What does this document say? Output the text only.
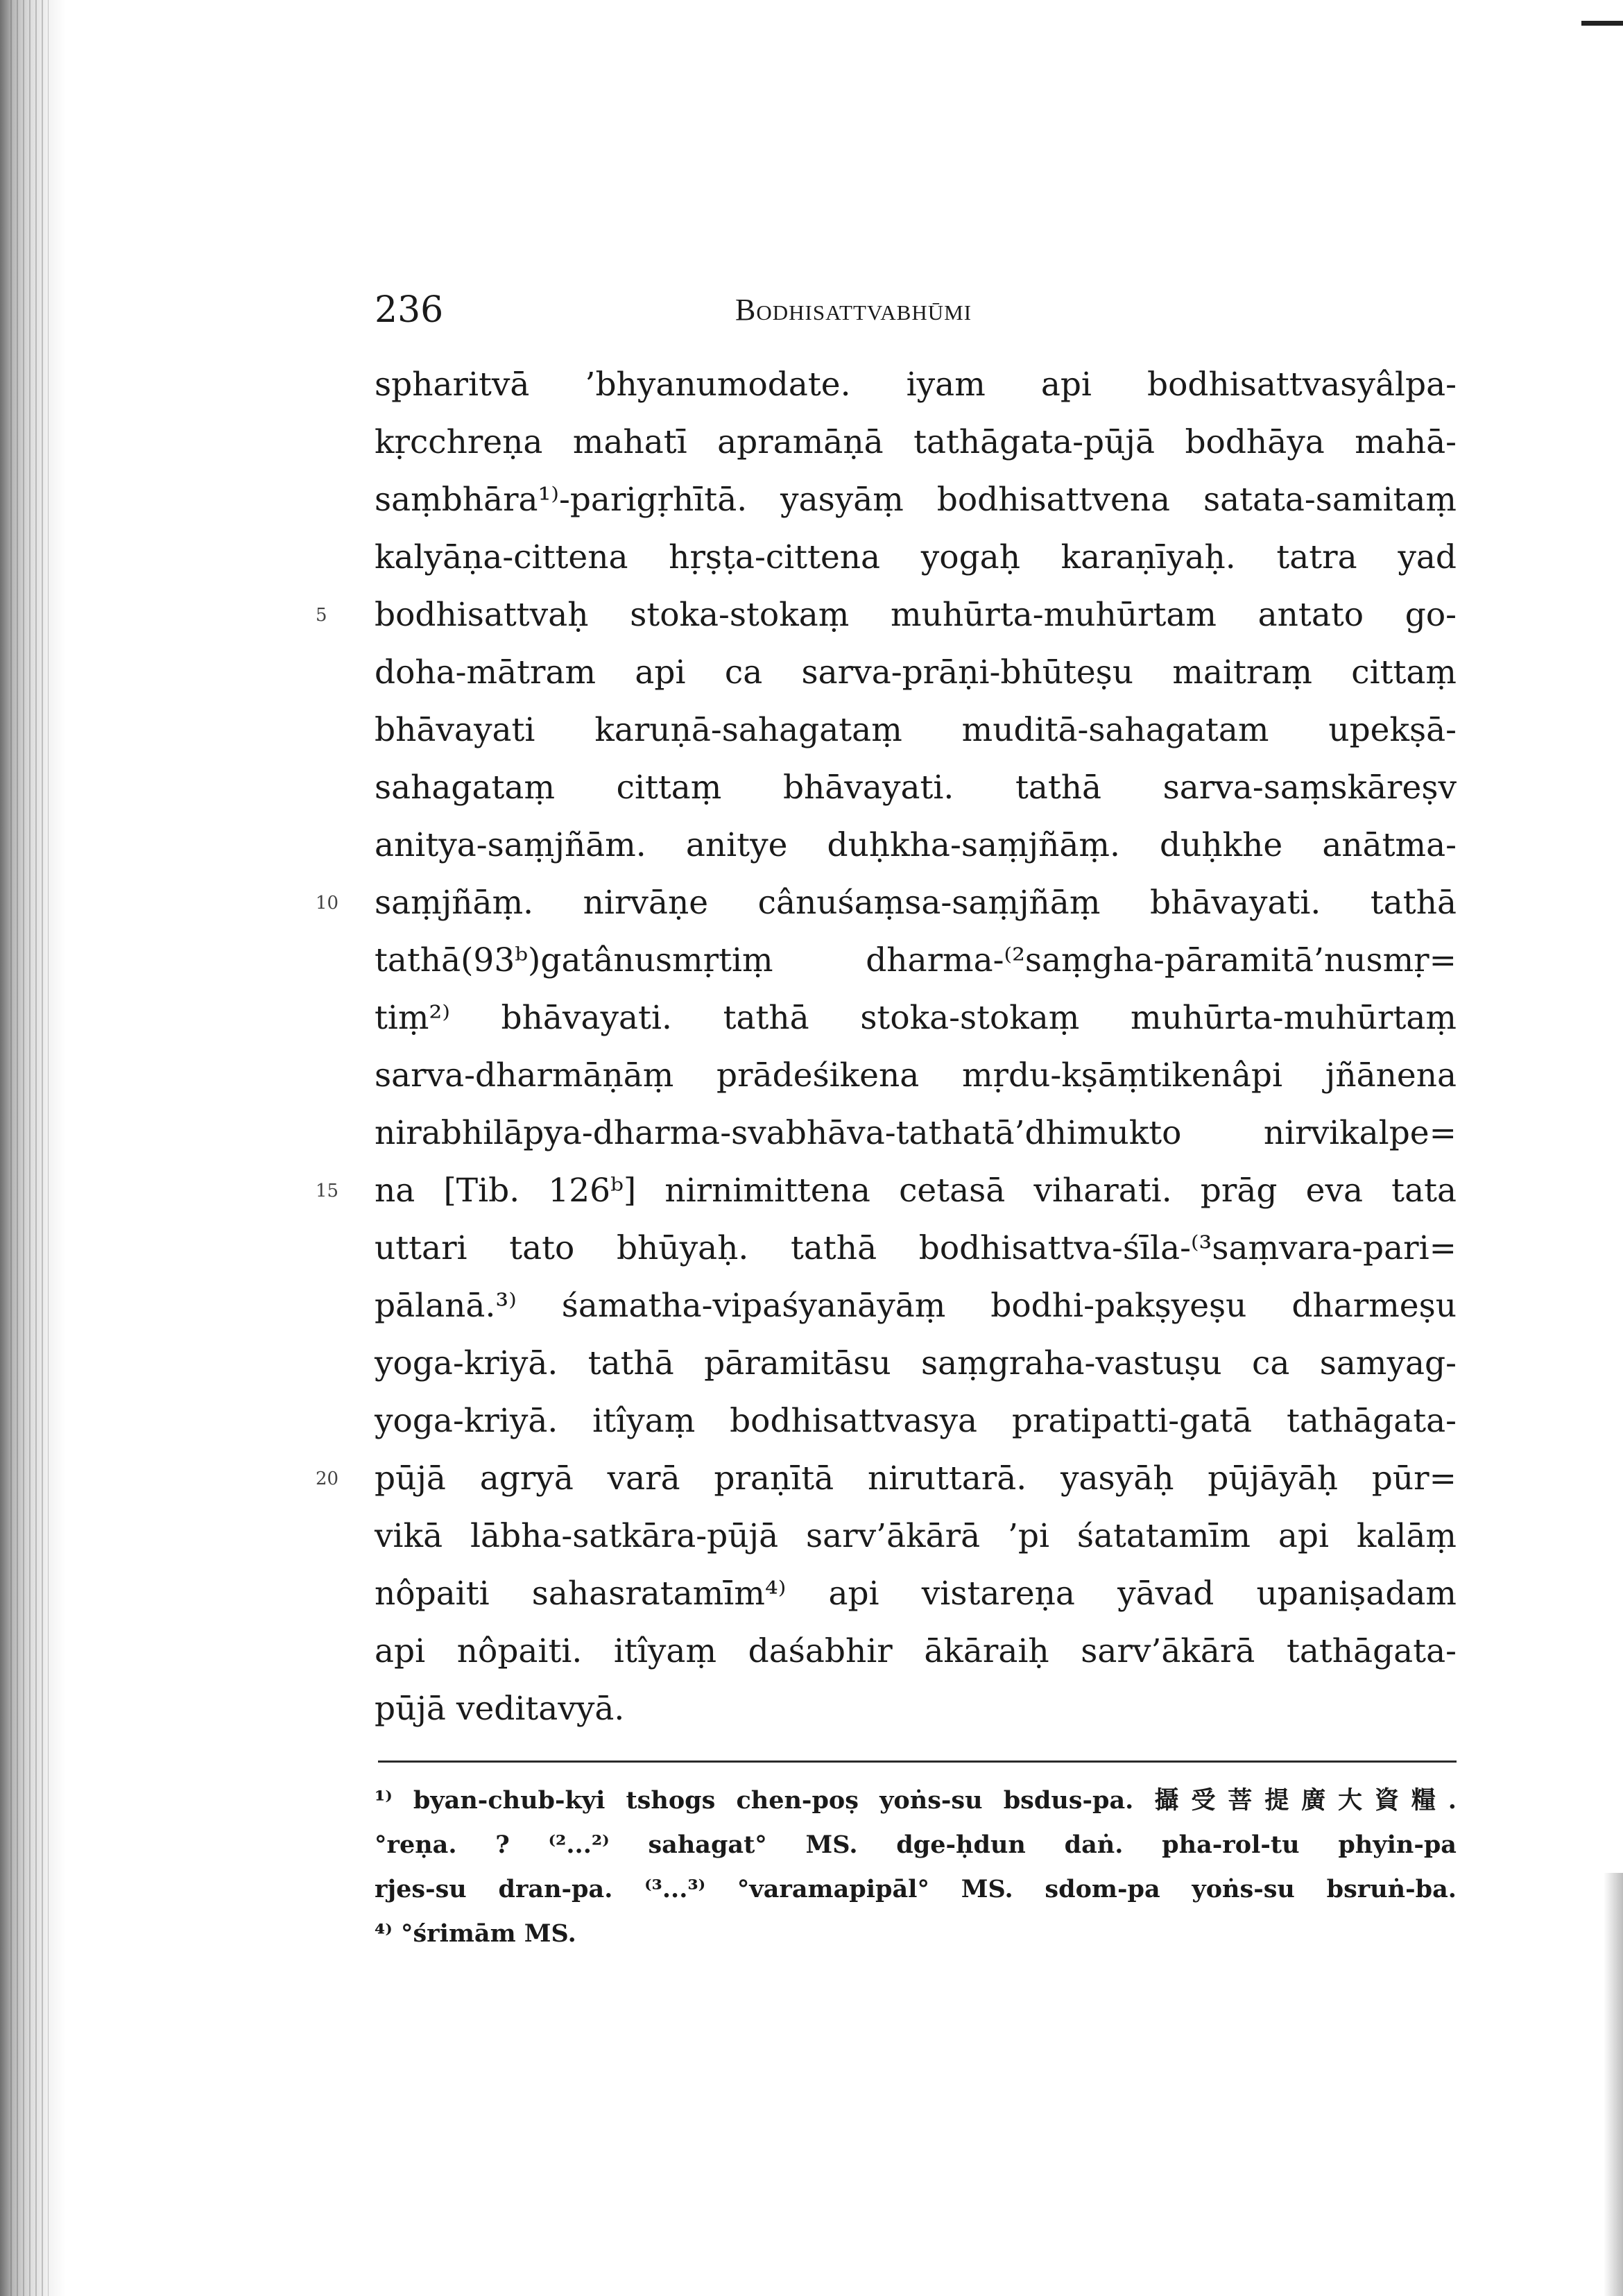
236	Bodhisattvabhūmi
spharitvā ’bhyanumodate. iyam api bodhisattvasyâlpa-
kṛcchreṇa mahatī apramāṇā tathāgata-pūjā bodhāya mahā-
saṃbhāra¹⁾-parigṛhītā. yasyāṃ bodhisattvena satata-samitaṃ
kalyāṇa-cittena hṛṣṭa-cittena yogaḥ karaṇīyaḥ. tatra yad
bodhisattvaḥ stoka-stokaṃ muhūrta-muhūrtam antato go-
doha-mātram api ca sarva-prāṇi-bhūteṣu maitraṃ cittaṃ
bhāvayati karuṇā-sahagataṃ muditā-sahagatam upekṣā-
sahagataṃ cittaṃ bhāvayati. tathā sarva-saṃskāreṣv
anitya-saṃjñām. anitye duḥkha-saṃjñāṃ. duḥkhe anātma-
saṃjñāṃ. nirvāṇe cânuśaṃsa-saṃjñāṃ bhāvayati. tathā
tathā(93ᵇ)gatânusmṛtiṃ dharma-⁽²saṃgha-pāramitā’nusmṛ=
tiṃ²⁾ bhāvayati. tathā stoka-stokaṃ muhūrta-muhūrtaṃ
sarva-dharmāṇāṃ prādeśikena mṛdu-kṣāṃtikenâpi jñānena
nirabhilāpya-dharma-svabhāva-tathatā’dhimukto nirvikalpe=
na [Tib. 126ᵇ] nirnimittena cetasā viharati. prāg eva tata
uttari tato bhūyaḥ. tathā bodhisattva-śīla-⁽³saṃvara-pari=
pālanā.³⁾ śamatha-vipaśyanāyāṃ bodhi-pakṣyeṣu dharmeṣu
yoga-kriyā. tathā pāramitāsu saṃgraha-vastuṣu ca samyag-
yoga-kriyā. itîyaṃ bodhisattvasya pratipatti-gatā tathāgata-
pūjā agryā varā praṇītā niruttarā. yasyāḥ pūjāyāḥ pūr=
vikā lābha-satkāra-pūjā sarv’ākārā ’pi śatatamīm api kalāṃ
nôpaiti sahasratamīm⁴⁾ api vistareṇa yāvad upaniṣadam
api nôpaiti. itîyaṃ daśabhir ākāraiḥ sarv’ākārā tathāgata-
pūjā veditavyā.
5
10
15
20
¹⁾ byan-chub-kyi tshogs chen-poṣ yoṅs-su bsdus-pa. 攝受菩提廣大資糧.
°reṇa. ? ⁽²...²⁾ sahagat° MS. dge-ḥdun daṅ. pha-rol-tu phyin-pa
rjes-su dran-pa. ⁽³...³⁾ °varamapipāl° MS. sdom-pa yoṅs-su bsruṅ-ba.
⁴⁾ °śrimām MS.
